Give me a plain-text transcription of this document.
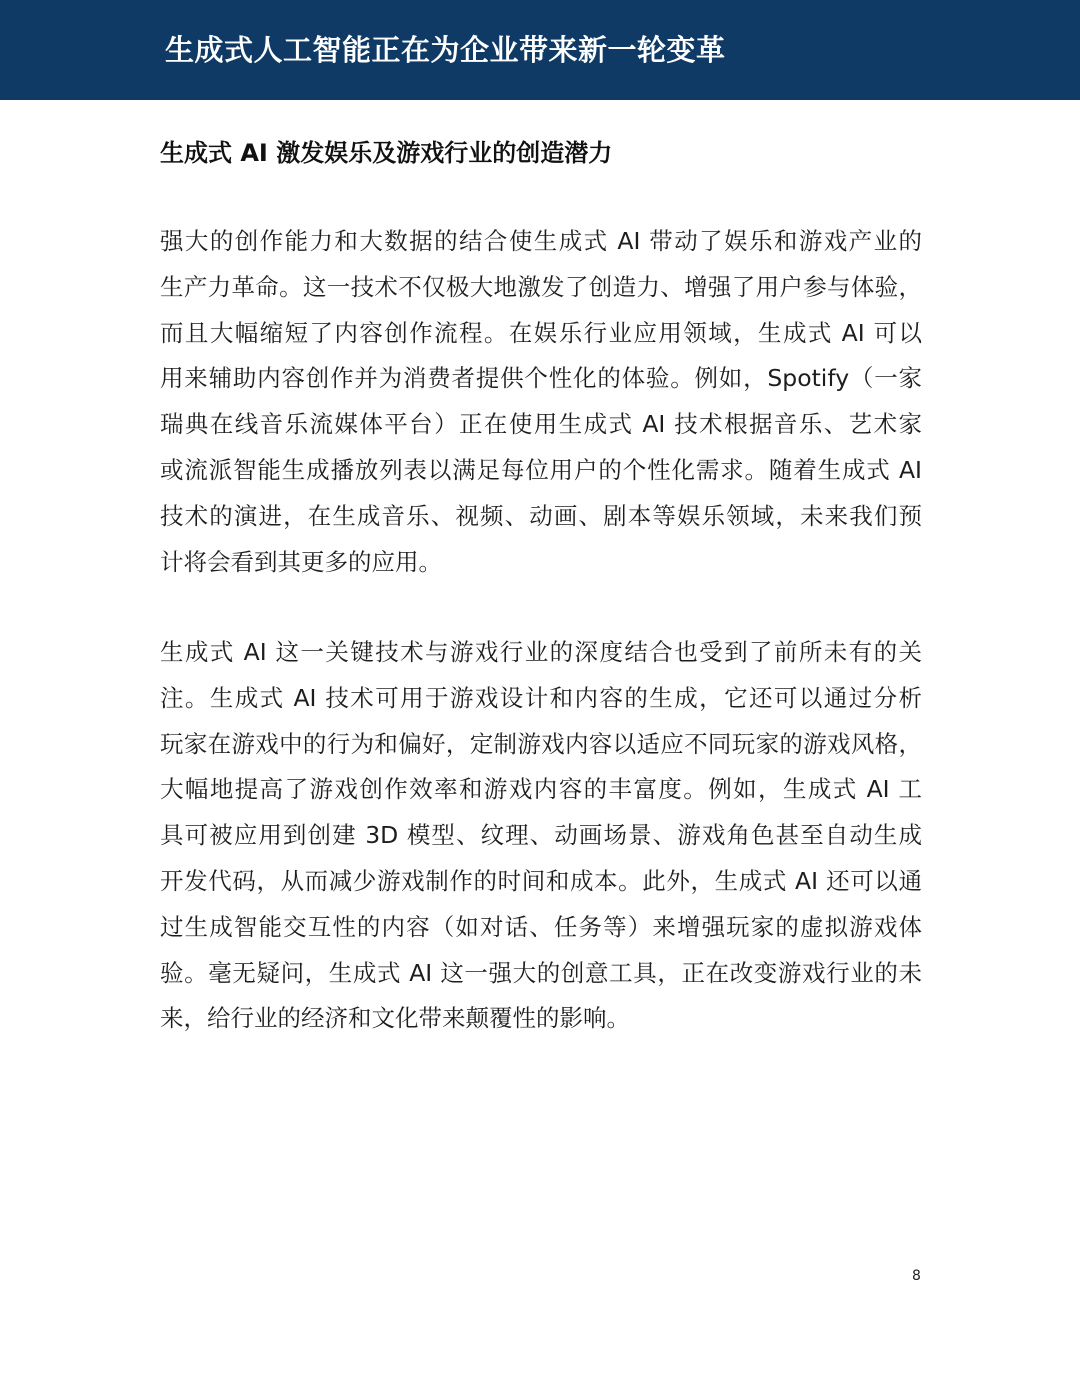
生成式人工智能正在为企业带来新一轮变革
生成式 AI 激发娱乐及游戏行业的创造潜力
强大的创作能力和大数据的结合使生成式 AI 带动了娱乐和游戏产业的
生产力革命。这一技术不仅极大地激发了创造力、增强了用户参与体验，
而且大幅缩短了内容创作流程。在娱乐行业应用领域，生成式 AI 可以
用来辅助内容创作并为消费者提供个性化的体验。例如，Spotify（一家
瑞典在线音乐流媒体平台）正在使用生成式 AI 技术根据音乐、艺术家
或流派智能生成播放列表以满足每位用户的个性化需求。随着生成式 AI
技术的演进，在生成音乐、视频、动画、剧本等娱乐领域，未来我们预
计将会看到其更多的应用。
生成式 AI 这一关键技术与游戏行业的深度结合也受到了前所未有的关
注。生成式 AI 技术可用于游戏设计和内容的生成，它还可以通过分析
玩家在游戏中的行为和偏好，定制游戏内容以适应不同玩家的游戏风格，
大幅地提高了游戏创作效率和游戏内容的丰富度。例如，生成式 AI 工
具可被应用到创建 3D 模型、纹理、动画场景、游戏角色甚至自动生成
开发代码，从而减少游戏制作的时间和成本。此外，生成式 AI 还可以通
过生成智能交互性的内容（如对话、任务等）来增强玩家的虚拟游戏体
验。毫无疑问，生成式 AI 这一强大的创意工具，正在改变游戏行业的未
来，给行业的经济和文化带来颠覆性的影响。
8
